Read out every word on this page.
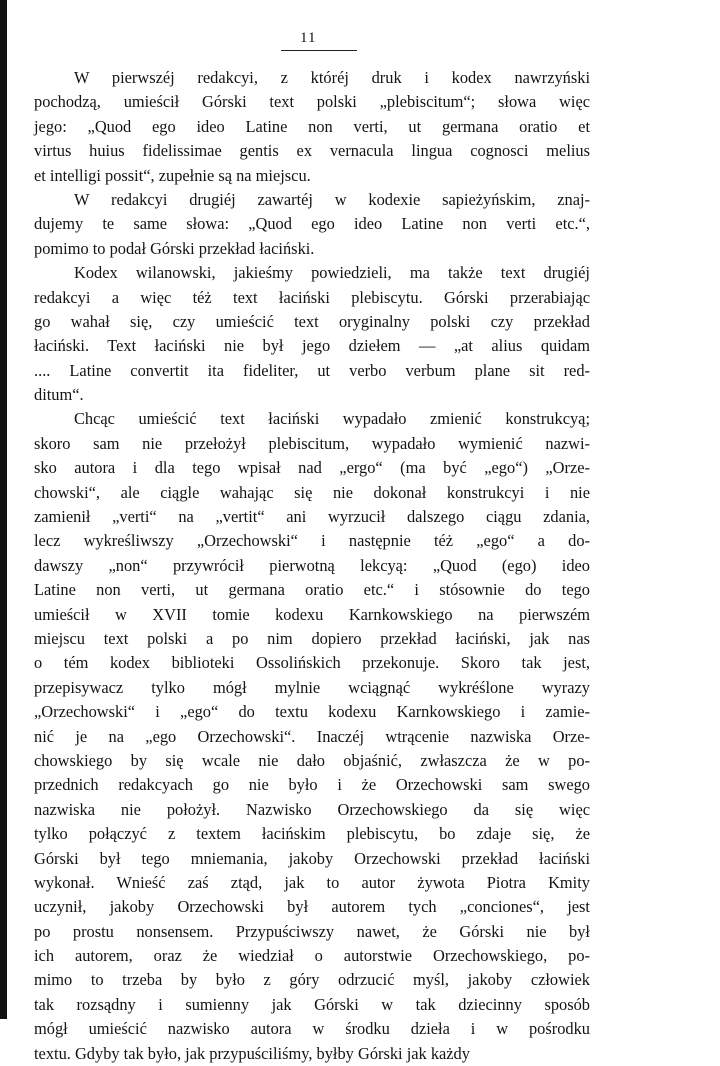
11
W pierwszéj redakcyi, z któréj druk i kodex nawrzyński
pochodzą, umieścił Górski text polski „plebiscitum“; słowa więc
jego: „Quod ego ideo Latine non verti, ut germana oratio et
virtus huius fidelissimae gentis ex vernacula lingua cognosci melius
et intelligi possit“, zupełnie są na miejscu.
W redakcyi drugiéj zawartéj w kodexie sapieżyńskim, znaj-
dujemy te same słowa: „Quod ego ideo Latine non verti etc.“,
pomimo to podał Górski przekład łaciński.
Kodex wilanowski, jakieśmy powiedzieli, ma także text drugiéj
redakcyi a więc téż text łaciński plebiscytu. Górski przerabiając
go wahał się, czy umieścić text oryginalny polski czy przekład
łaciński. Text łaciński nie był jego dziełem — „at alius quidam
.... Latine convertit ita fideliter, ut verbo verbum plane sit red-
ditum“.
Chcąc umieścić text łaciński wypadało zmienić konstrukcyą;
skoro sam nie przełożył plebiscitum, wypadało wymienić nazwi-
sko autora i dla tego wpisał nad „ergo“ (ma być „ego“) „Orze-
chowski“, ale ciągle wahając się nie dokonał konstrukcyi i nie
zamienił „verti“ na „vertit“ ani wyrzucił dalszego ciągu zdania,
lecz wykreśliwszy „Orzechowski“ i następnie téż „ego“ a do-
dawszy „non“ przywrócił pierwotną lekcyą: „Quod (ego) ideo
Latine non verti, ut germana oratio etc.“ i stósownie do tego
umieścił w XVII tomie kodexu Karnkowskiego na pierwszém
miejscu text polski a po nim dopiero przekład łaciński, jak nas
o tém kodex biblioteki Ossolińskich przekonuje. Skoro tak jest,
przepisywacz tylko mógł mylnie wciągnąć wykréślone wyrazy
„Orzechowski“ i „ego“ do textu kodexu Karnkowskiego i zamie-
nić je na „ego Orzechowski“. Inaczéj wtrącenie nazwiska Orze-
chowskiego by się wcale nie dało objaśnić, zwłaszcza że w po-
przednich redakcyach go nie było i że Orzechowski sam swego
nazwiska nie położył. Nazwisko Orzechowskiego da się więc
tylko połączyć z textem łacińskim plebiscytu, bo zdaje się, że
Górski był tego mniemania, jakoby Orzechowski przekład łaciński
wykonał. Wnieść zaś ztąd, jak to autor żywota Piotra Kmity
uczynił, jakoby Orzechowski był autorem tych „conciones“, jest
po prostu nonsensem. Przypuściwszy nawet, że Górski nie był
ich autorem, oraz że wiedział o autorstwie Orzechowskiego, po-
mimo to trzeba by było z góry odrzucić myśl, jakoby człowiek
tak rozsądny i sumienny jak Górski w tak dziecinny sposób
mógł umieścić nazwisko autora w środku dzieła i w pośrodku
textu. Gdyby tak było, jak przypuściliśmy, byłby Górski jak każdy
